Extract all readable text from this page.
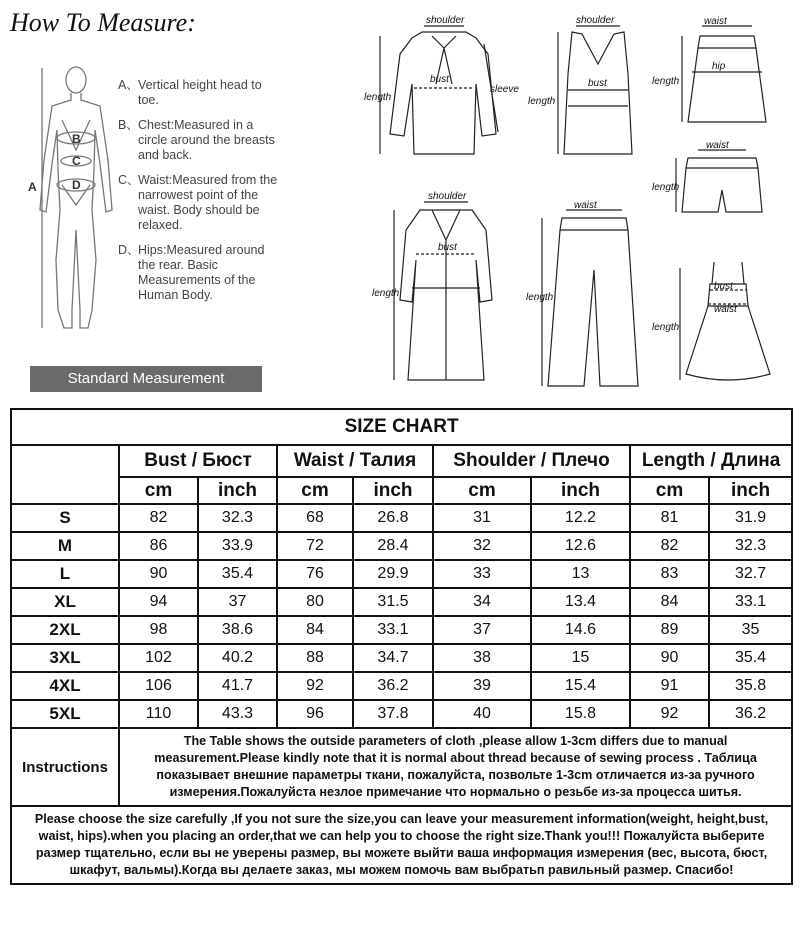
How To Measure:
A
B
C
D
A、 Vertical height head to toe.
B、 Chest:Measured in a circle around the breasts and back.
C、
Waist:Measured from the narrowest point of the waist. Body should be relaxed.
D、
Hips:Measured around the rear. Basic Measurements of the Human Body.
Standard Measurement
shoulder
bust
sleeve
length
shoulder
bust
length
waist
hip
length
waist
length
shoulder
bust
length
waist
length
bust
waist
length
SIZE CHART								
	Bust / Бюст		Waist / Талия		Shoulder / Плечо		Length / Длина	
	cm	inch	cm	inch	cm	inch	cm	inch
S	82	32.3	68	26.8	31	12.2	81	31.9
M	86	33.9	72	28.4	32	12.6	82	32.3
L	90	35.4	76	29.9	33	13	83	32.7
XL	94	37	80	31.5	34	13.4	84	33.1
2XL	98	38.6	84	33.1	37	14.6	89	35
3XL	102	40.2	88	34.7	38	15	90	35.4
4XL	106	41.7	92	36.2	39	15.4	91	35.8
5XL	110	43.3	96	37.8	40	15.8	92	36.2
Instructions	The Table shows the outside parameters of cloth ,please allow 1-3cm differs due to manual measurement.Please kindly note that it is normal about thread because of sewing process . Таблица показывает внешние параметры ткани, пожалуйста, позвольте 1-3cm отличается из-за ручного измерения.Пожалуйста незлое примечание что нормально о резьбе из-за процесса шитья.							
Please choose the size carefully ,If you not sure the size,you can leave your measurement information(weight, height,bust, waist, hips).when you placing an order,that we can help you to choose the right size.Thank you!!! Пожалуйста выберите размер тщательно, если вы не уверены размер, вы можете выйти ваша информация измерения (вес, высота, бюст, шкафут, вальмы).Когда вы делаете заказ, мы можем помочь вам выбратьп равильный размер. Спасибо!								
